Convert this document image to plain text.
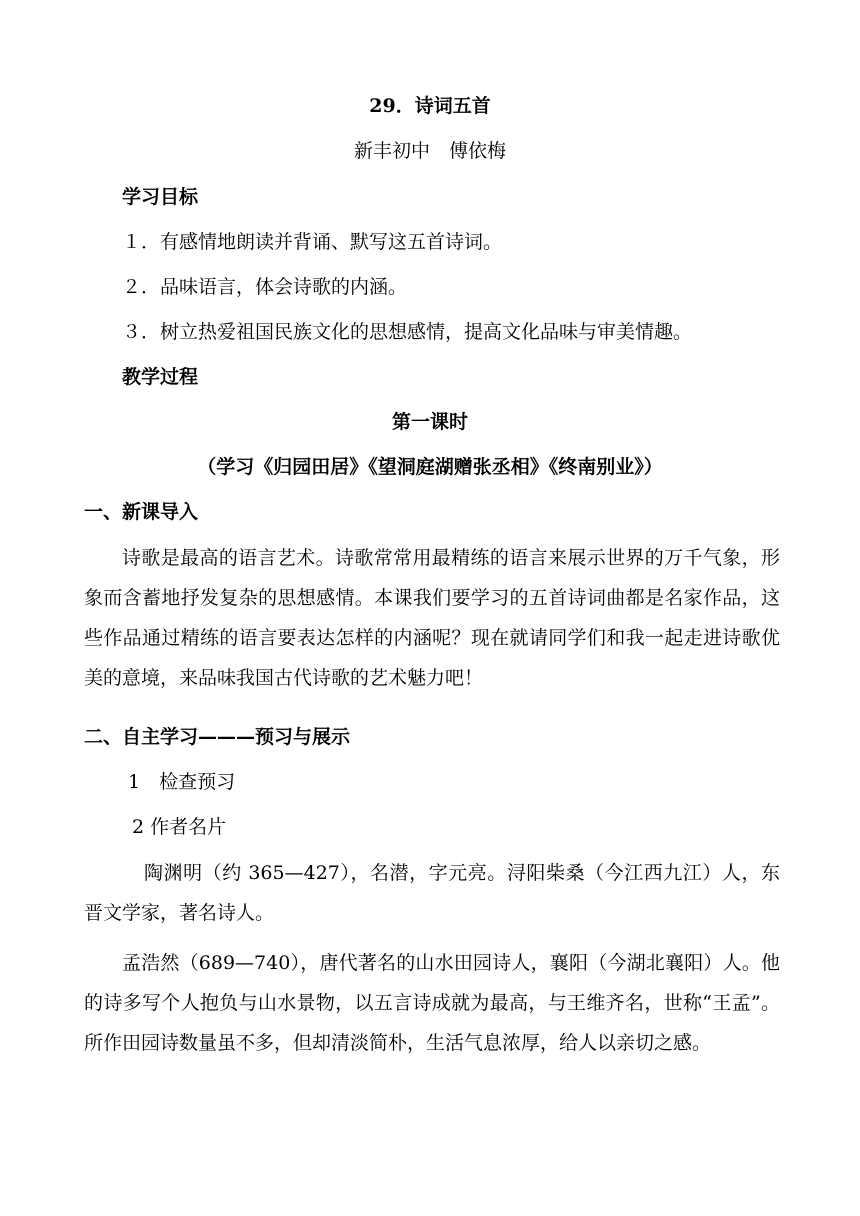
29．诗词五首
新丰初中　傅依梅
学习目标
１．有感情地朗读并背诵、默写这五首诗词。
２．品味语言，体会诗歌的内涵。
３．树立热爱祖国民族文化的思想感情，提高文化品味与审美情趣。
教学过程
第一课时
（学习《归园田居》《望洞庭湖赠张丞相》《终南别业》）
一、新课导入
诗歌是最高的语言艺术。诗歌常常用最精练的语言来展示世界的万千气象，形象而含蓄地抒发复杂的思想感情。本课我们要学习的五首诗词曲都是名家作品，这些作品通过精练的语言要表达怎样的内涵呢？现在就请同学们和我一起走进诗歌优美的意境，来品味我国古代诗歌的艺术魅力吧！
二、自主学习———预习与展示
1　检查预习
2 作者名片
陶渊明（约 365—427），名潜，字元亮。浔阳柴桑（今江西九江）人，东晋文学家，著名诗人。
孟浩然（689—740），唐代著名的山水田园诗人，襄阳（今湖北襄阳）人。他的诗多写个人抱负与山水景物，以五言诗成就为最高，与王维齐名，世称“王孟”。所作田园诗数量虽不多，但却清淡简朴，生活气息浓厚，给人以亲切之感。
